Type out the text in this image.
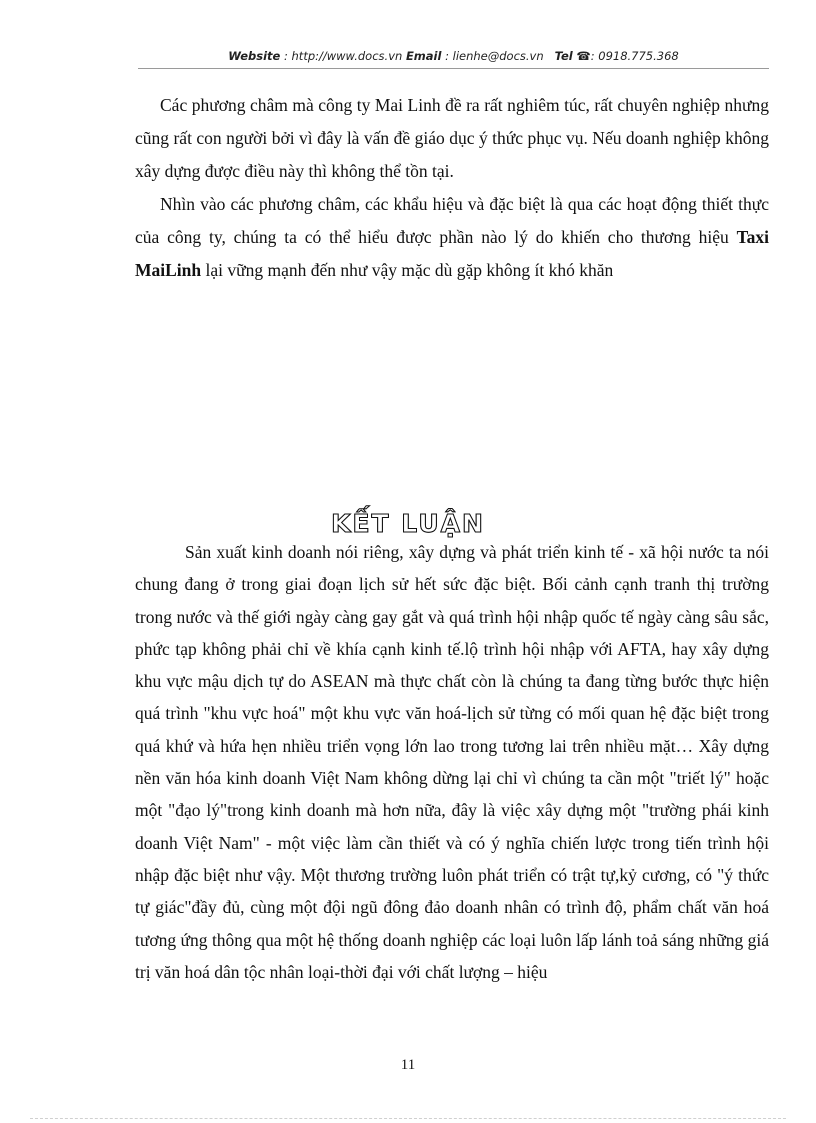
Website : http://www.docs.vn Email : lienhe@docs.vn Tel ☎: 0918.775.368

Các phương châm mà công ty Mai Linh đề ra rất nghiêm túc, rất chuyên nghiệp nhưng cũng rất con người bởi vì đây là vấn đề giáo dục ý thức phục vụ. Nếu doanh nghiệp không xây dựng được điều này thì không thể tồn tại.

Nhìn vào các phương châm, các khẩu hiệu và đặc biệt là qua các hoạt động thiết thực của công ty, chúng ta có thể hiểu được phần nào lý do khiến cho thương hiệu Taxi MaiLinh lại vững mạnh đến như vậy mặc dù gặp không ít khó khăn

KẾT LUẬN

Sản xuất kinh doanh nói riêng, xây dựng và phát triển kinh tế - xã hội nước ta nói chung đang ở trong giai đoạn lịch sử hết sức đặc biệt. Bối cảnh cạnh tranh thị trường trong nước và thế giới ngày càng gay gắt và quá trình hội nhập quốc tế ngày càng sâu sắc, phức tạp không phải chỉ về khía cạnh kinh tế.lộ trình hội nhập với AFTA, hay xây dựng khu vực mậu dịch tự do ASEAN mà thực chất còn là chúng ta đang từng bước thực hiện quá trình "khu vực hoá" một khu vực văn hoá-lịch sử từng có mối quan hệ đặc biệt trong quá khứ và hứa hẹn nhiều triển vọng lớn lao trong tương lai trên nhiều mặt… Xây dựng nền văn hóa kinh doanh Việt Nam không dừng lại chỉ vì chúng ta cần một "triết lý" hoặc một "đạo lý"trong kinh doanh mà hơn nữa, đây là việc xây dựng một "trường phái kinh doanh Việt Nam" - một việc làm cần thiết và có ý nghĩa chiến lược trong tiến trình hội nhập đặc biệt như vậy. Một thương trường luôn phát triển có trật tự,kỷ cương, có "ý thức tự giác"đầy đủ, cùng một đội ngũ đông đảo doanh nhân có trình độ, phẩm chất văn hoá tương ứng thông qua một hệ thống doanh nghiệp các loại luôn lấp lánh toả sáng những giá trị văn hoá dân tộc nhân loại-thời đại với chất lượng – hiệu

11
